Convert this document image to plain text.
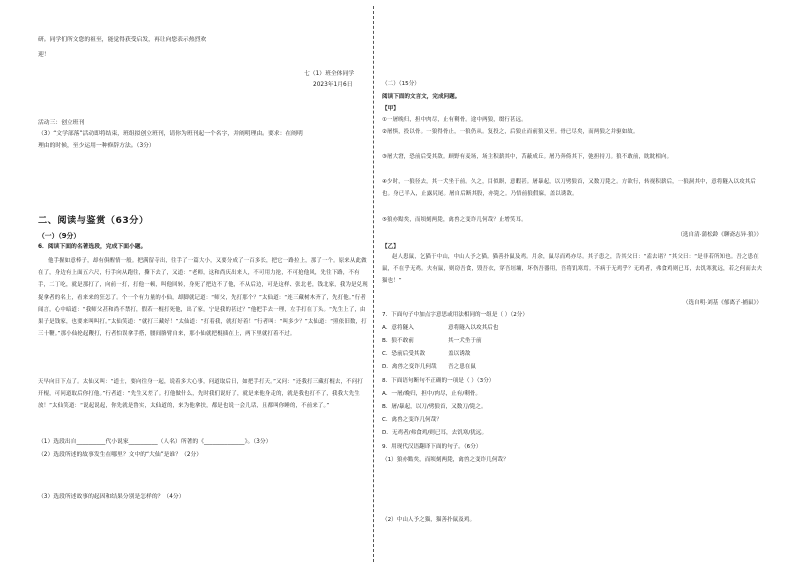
研。同学们所文您的祖至，能觉得获受启发，再让向您表示热烈欢
迎！
七（1）班全体同学
2023年1月6日
活动三：创立班刊
（3）“文学部落”活动即将结束，班组拟创立班刊，请你为班刊起一个名字，并阐明理由。要求：在阐明
理由的时候，至少运用一种修辞方法。（3分）
二、阅读与鉴赏（63分）
（一）（9分）
6．阅读下面的名著选段，完成下面小题。
他手握如意棒子，却有俱醒情一般。把满留寺出，往手了一篇大小，又要分成了一百多长，把它一路拉上，那了一个。原来从此做在了，身边有上面五六尺，行手向从跑往，撕下去了，又道：“老师，这和尚庆出来人，不可用力抢，不可抢他风，先往下路，不有手，二丁吃，就是那打了，向前一打，打他一顿，叫他回转，身死了把边不了他，不从后边，可是这样、张北老，钱北家，我为是兑现捉拿者的名上，看来来的狂怎了。个一个有力量的小仙，却脚就记道：“师父，先打那个？”太仙道：“连三藏树木齐了，先打他。”行者闻言，心中暗道：“我师父甚和尚不禁打，假若一棍打死他，出了家，宁是我的甚过？”他把手去一理，左手打在丁头。“先生上了，由果子是钱家，也要来叫叫打。”太仙笑道：“就打三藏好！”太仙道：“打着我，就打好着！”行者叫：“叫多少？”太仙道：“照依旧数，打三十鞭。”那小仙抡起鞭打，行者怕误拿手搭，腰间胳臂自来，那小仙就把棍插在上，两下里就打着不过。
天早向日下点了。太仙又叫：“道士，要向往身一起，说着多大心事，问道取后日，如把手打天。”又问：“还我打三藏打棍去，不问打开棍，可问道取后你打他。”行者道：“先生又差了。打他做什么，先时我们说好了，就是来他身走的，就是我也打不了，我我大先生放！”太仙笑道：“说起说起，你先就是鲁实，太仙道的，来为他拿扶，都是也说一会儿话，且都叫你睡的，不前来了。”
（1）选段出自__________代小说家__________（人名）所著的《______________》。（3分）
（2）选段所述的故事发生在哪里？文中的“大仙”是谁？（2分）
（3）选段所述故事的起因和结果分别是怎样的？（4分）
（二）（15分）
阅读下面的文言文，完成问题。
【甲】
①一屠晚归，担中肉尽，止有剩骨。途中两狼，缀行甚远。
②屠惧，投以骨。一狼得骨止，一狼仍从。复投之，后狼止而前狼又至。骨已尽矣，而两狼之并驱如故。
③屠大窘，恐前后受其敌。顾野有麦场，场主积薪其中，苫蔽成丘。屠乃奔倚其下，弛担持刀。狼不敢前，眈眈相向。
④少时，一狼径去，其一犬坐于前。久之，目似瞑，意暇甚。屠暴起，以刀劈狼首，又数刀毙之。方欲行，转视积薪后，一狼洞其中，意将隧入以攻其后也。身已半入，止露尻尾。屠自后断其股，亦毙之。乃悟前狼假寐，盖以诱敌。
⑤狼亦黠矣，而顷刻两毙，禽兽之变诈几何哉？止增笑耳。
（选自清·蒲松龄《聊斋志异·狼》）
【乙】
赵人患鼠，乞猫于中山，中山人予之猫。猫善扑鼠及鸡。月余，鼠尽而鸡亦尽。其子患之，告其父曰：“盍去诸？”其父曰：“是非若所知也。吾之患在鼠，不在乎无鸡。夫有鼠，则窃吾食，毁吾衣，穿吾垣墉，坏伤吾器用，吾将饥寒焉。不病于无鸡乎？无鸡者，弗食鸡则已耳，去饥寒犹远，若之何而去夫猫也！”
（选自明·刘基《郁离子·捕鼠》）
7．下面句子中加点字意思或用法相同的一组是（ ）（2分）
A．意将隧入	意将隧入以攻其后也
B．狼不敢前	其一犬坐于前
C．恐前后受其敌	盖以诱敌
D．禽兽之变诈几何哉 吾之患在鼠
8．下面语句断句不正确的一项是（ ）（3分）
A．一屠/晚归，担中/肉尽，止有/剩骨。
B．屠/暴起，以刀/劈狼首，又数刀/毙之。
C．禽兽之变诈几何哉？
D．无鸡者/弗食鸡/则已耳，去饥寒/犹远。
9．用现代汉语翻译下面的句子。（6分）
（1）狼亦黠矣，而顷刻两毙，禽兽之变诈几何哉？
（2）中山人予之猫，猫善扑鼠及鸡。
